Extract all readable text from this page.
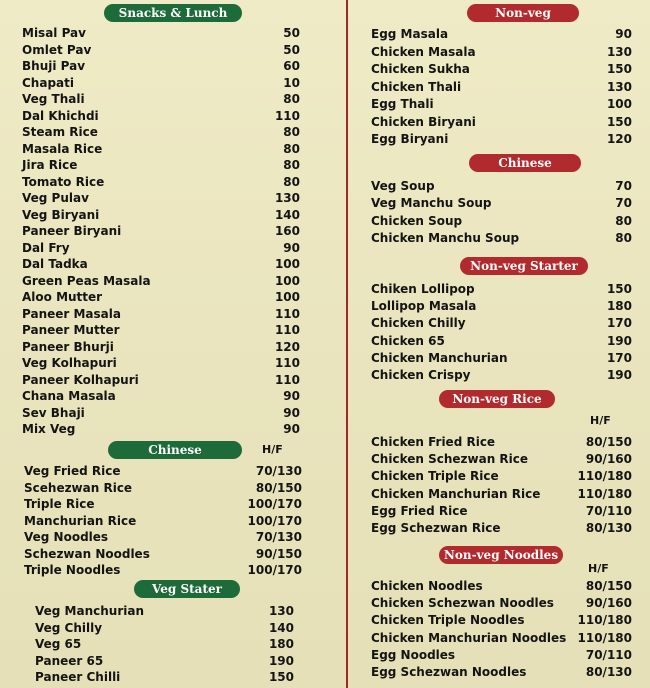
Snacks & Lunch
Chinese	H/F
Veg Stater
Non-veg
Chinese
Non-veg Starter
Non-veg Rice
H/F
Non-veg Noodles
H/F
Misal Pav	50
Omlet Pav	50
Bhuji Pav	60
Chapati	10
Veg Thali	80
Dal Khichdi	110
Steam Rice	80
Masala Rice	80
Jira Rice	80
Tomato Rice	80
Veg Pulav	130
Veg Biryani	140
Paneer Biryani	160
Dal Fry	90
Dal Tadka	100
Green Peas Masala	100
Aloo Mutter	100
Paneer Masala	110
Paneer Mutter	110
Paneer Bhurji	120
Veg Kolhapuri	110
Paneer Kolhapuri	110
Chana Masala	90
Sev Bhaji	90
Mix Veg	90
Veg Fried Rice	70/130
Scehezwan Rice	80/150
Triple Rice	100/170
Manchurian Rice	100/170
Veg Noodles	70/130
Schezwan Noodles	90/150
Triple Noodles	100/170
Veg Manchurian	130
Veg Chilly	140
Veg 65	180
Paneer 65	190
Paneer Chilli	150
Egg Masala	90
Chicken Masala	130
Chicken Sukha	150
Chicken Thali	130
Egg Thali	100
Chicken Biryani	150
Egg Biryani	120
Veg Soup	70
Veg Manchu Soup	70
Chicken Soup	80
Chicken Manchu Soup	80
Chiken Lollipop	150
Lollipop Masala	180
Chicken Chilly	170
Chicken 65	190
Chicken Manchurian	170
Chicken Crispy	190
Chicken Fried Rice	80/150
Chicken Schezwan Rice	90/160
Chicken Triple Rice	110/180
Chicken Manchurian Rice	110/180
Egg Fried Rice	70/110
Egg Schezwan Rice	80/130
Chicken Noodles	80/150
Chicken Schezwan Noodles	90/160
Chicken Triple Noodles	110/180
Chicken Manchurian Noodles 110/180
Egg Noodles	70/110
Egg Schezwan Noodles	80/130
